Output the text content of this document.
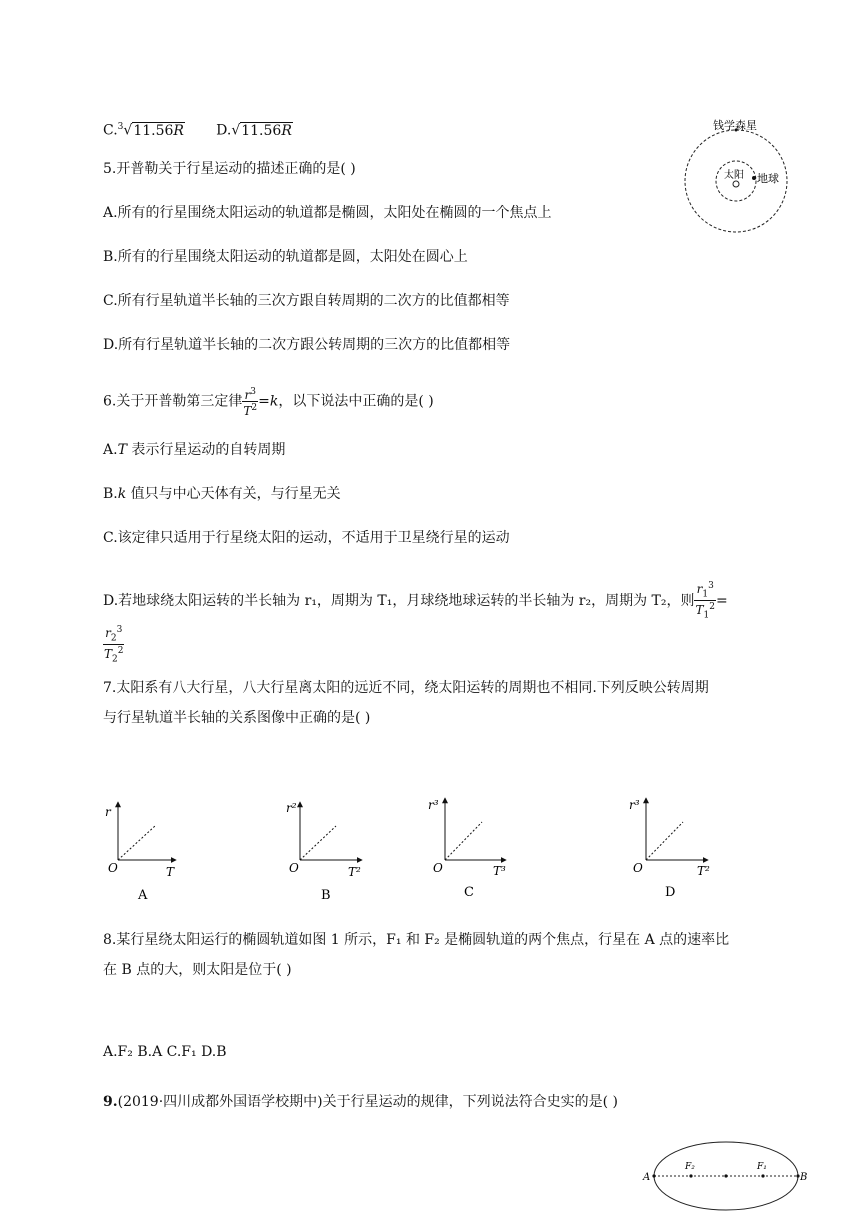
C.$^3$√11.56R D.√11.56R	钱学森星
太阳 地球
5.开普勒关于行星运动的描述正确的是( )
A.所有的行星围绕太阳运动的轨道都是椭圆，太阳处在椭圆的一个焦点上
B.所有的行星围绕太阳运动的轨道都是圆，太阳处在圆心上
C.所有行星轨道半长轴的三次方跟自转周期的二次方的比值都相等
D.所有行星轨道半长轴的二次方跟公转周期的三次方的比值都相等
6.关于开普勒第三定律 $\frac{r^3}{T^2} =k$，以下说法中正确的是( )
A.T 表示行星运动的自转周期
B.k 值只与中心天体有关，与行星无关
C.该定律只适用于行星绕太阳的运动，不适用于卫星绕行星的运动
D.若地球绕太阳运转的半长轴为 r₁，周期为 T₁，月球绕地球运转的半长轴为 r₂，周期为 T₂，则 $\frac{r_1^3}{T_1^2}$ =
$\frac{r_2^3}{T_2^2}$
7.太阳系有八大行星，八大行星离太阳的远近不同，绕太阳运转的周期也不相同.下列反映公转周期
与行星轨道半长轴的关系图像中正确的是( )
r
T
O
A
r²
T²
O
B
r³
T³
O
C
r³
T²
O
D
8.某行星绕太阳运行的椭圆轨道如图 1 所示，F₁ 和 F₂ 是椭圆轨道的两个焦点，行星在 A 点的速率比
在 B 点的大，则太阳是位于( )
A.F₂ B.A C.F₁ D.B
9.(2019·四川成都外国语学校期中)关于行星运动的规律，下列说法符合史实的是( )
A	B
F₂	F₁
